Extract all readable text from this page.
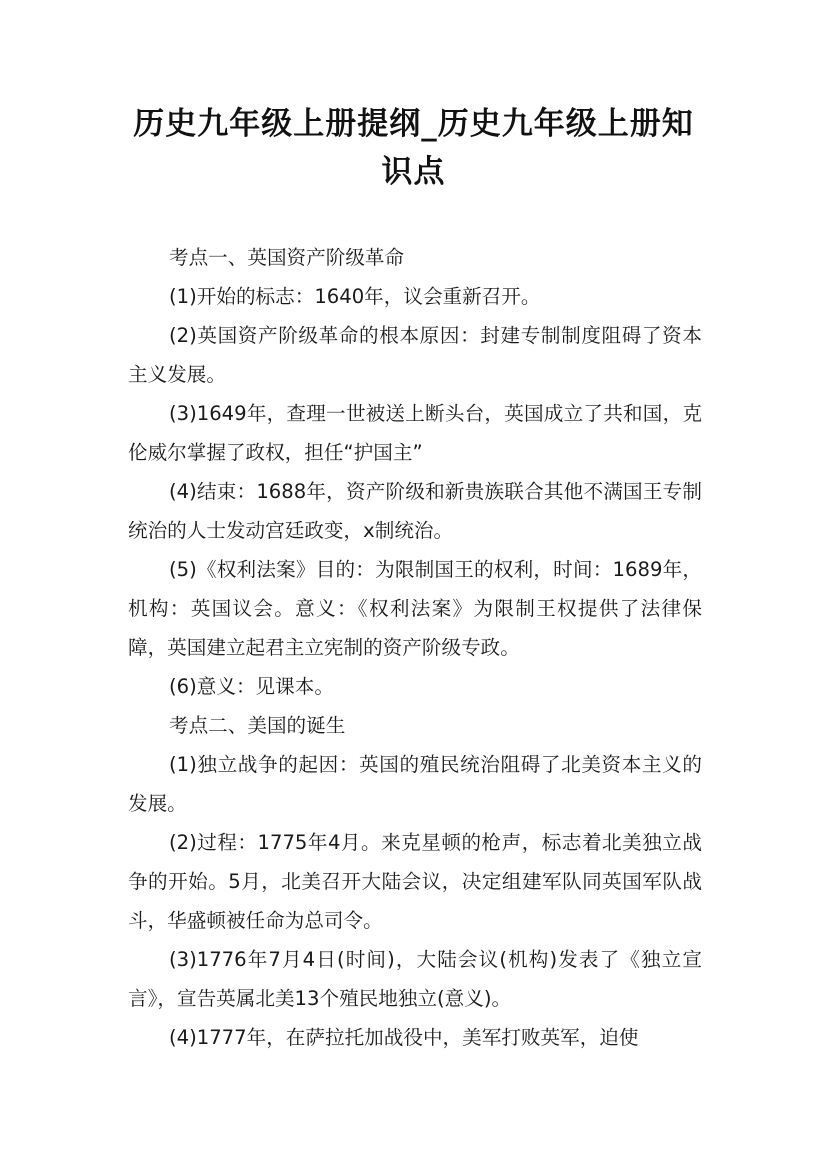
历史九年级上册提纲_历史九年级上册知识点

考点一、英国资产阶级革命

(1)开始的标志：1640年，议会重新召开。

(2)英国资产阶级革命的根本原因：封建专制制度阻碍了资本主义发展。

(3)1649年，查理一世被送上断头台，英国成立了共和国，克伦威尔掌握了政权，担任“护国主”

(4)结束：1688年，资产阶级和新贵族联合其他不满国王专制统治的人士发动宫廷政变，x制统治。

(5)《权利法案》目的：为限制国王的权利，时间：1689年，机构：英国议会。意义：《权利法案》为限制王权提供了法律保障，英国建立起君主立宪制的资产阶级专政。

(6)意义：见课本。

考点二、美国的诞生

(1)独立战争的起因：英国的殖民统治阻碍了北美资本主义的发展。

(2)过程：1775年4月。来克星顿的枪声，标志着北美独立战争的开始。5月，北美召开大陆会议，决定组建军队同英国军队战斗，华盛顿被任命为总司令。

(3)1776年7月4日(时间)，大陆会议(机构)发表了《独立宣言》，宣告英属北美13个殖民地独立(意义)。

(4)1777年，在萨拉托加战役中，美军打败英军，迫使
